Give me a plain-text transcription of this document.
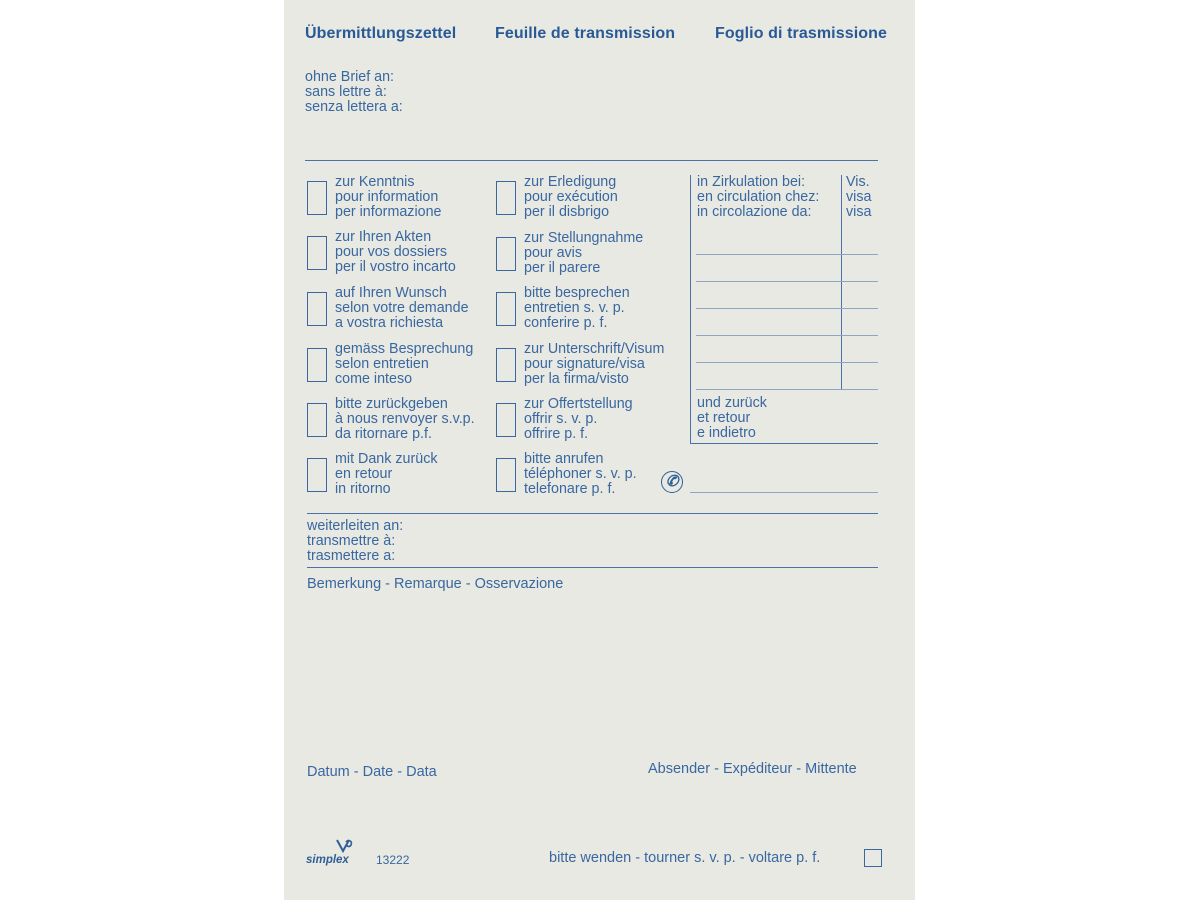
Übermittlungszettel Feuille de transmission Foglio di trasmissione
ohne Brief an:
sans lettre à:
senza lettera a:
zur Kenntnis
pour information
per informazione
zur Ihren Akten
pour vos dossiers
per il vostro incarto
auf Ihren Wunsch
selon votre demande
a vostra richiesta
gemäss Besprechung
selon entretien
come inteso
bitte zurückgeben
à nous renvoyer s.v.p.
da ritornare p.f.
mit Dank zurück
en retour
in ritorno
zur Erledigung
pour exécution
per il disbrigo
zur Stellungnahme
pour avis
per il parere
bitte besprechen
entretien s. v. p.
conferire p. f.
zur Unterschrift/Visum
pour signature/visa
per la firma/visto
zur Offertstellung
offrir s. v. p.
offrire p. f.
bitte anrufen
téléphoner s. v. p.
telefonare p. f.	✆
in Zirkulation bei:
en circulation chez:
in circolazione da:
Vis.
visa
visa
und zurück
et retour
e indietro
weiterleiten an:
transmettre à:
trasmettere a:
Bemerkung - Remarque - Osservazione
Datum - Date - Data	Absender - Expéditeur - Mittente
simplex 13222	bitte wenden - tourner s. v. p. - voltare p. f.
